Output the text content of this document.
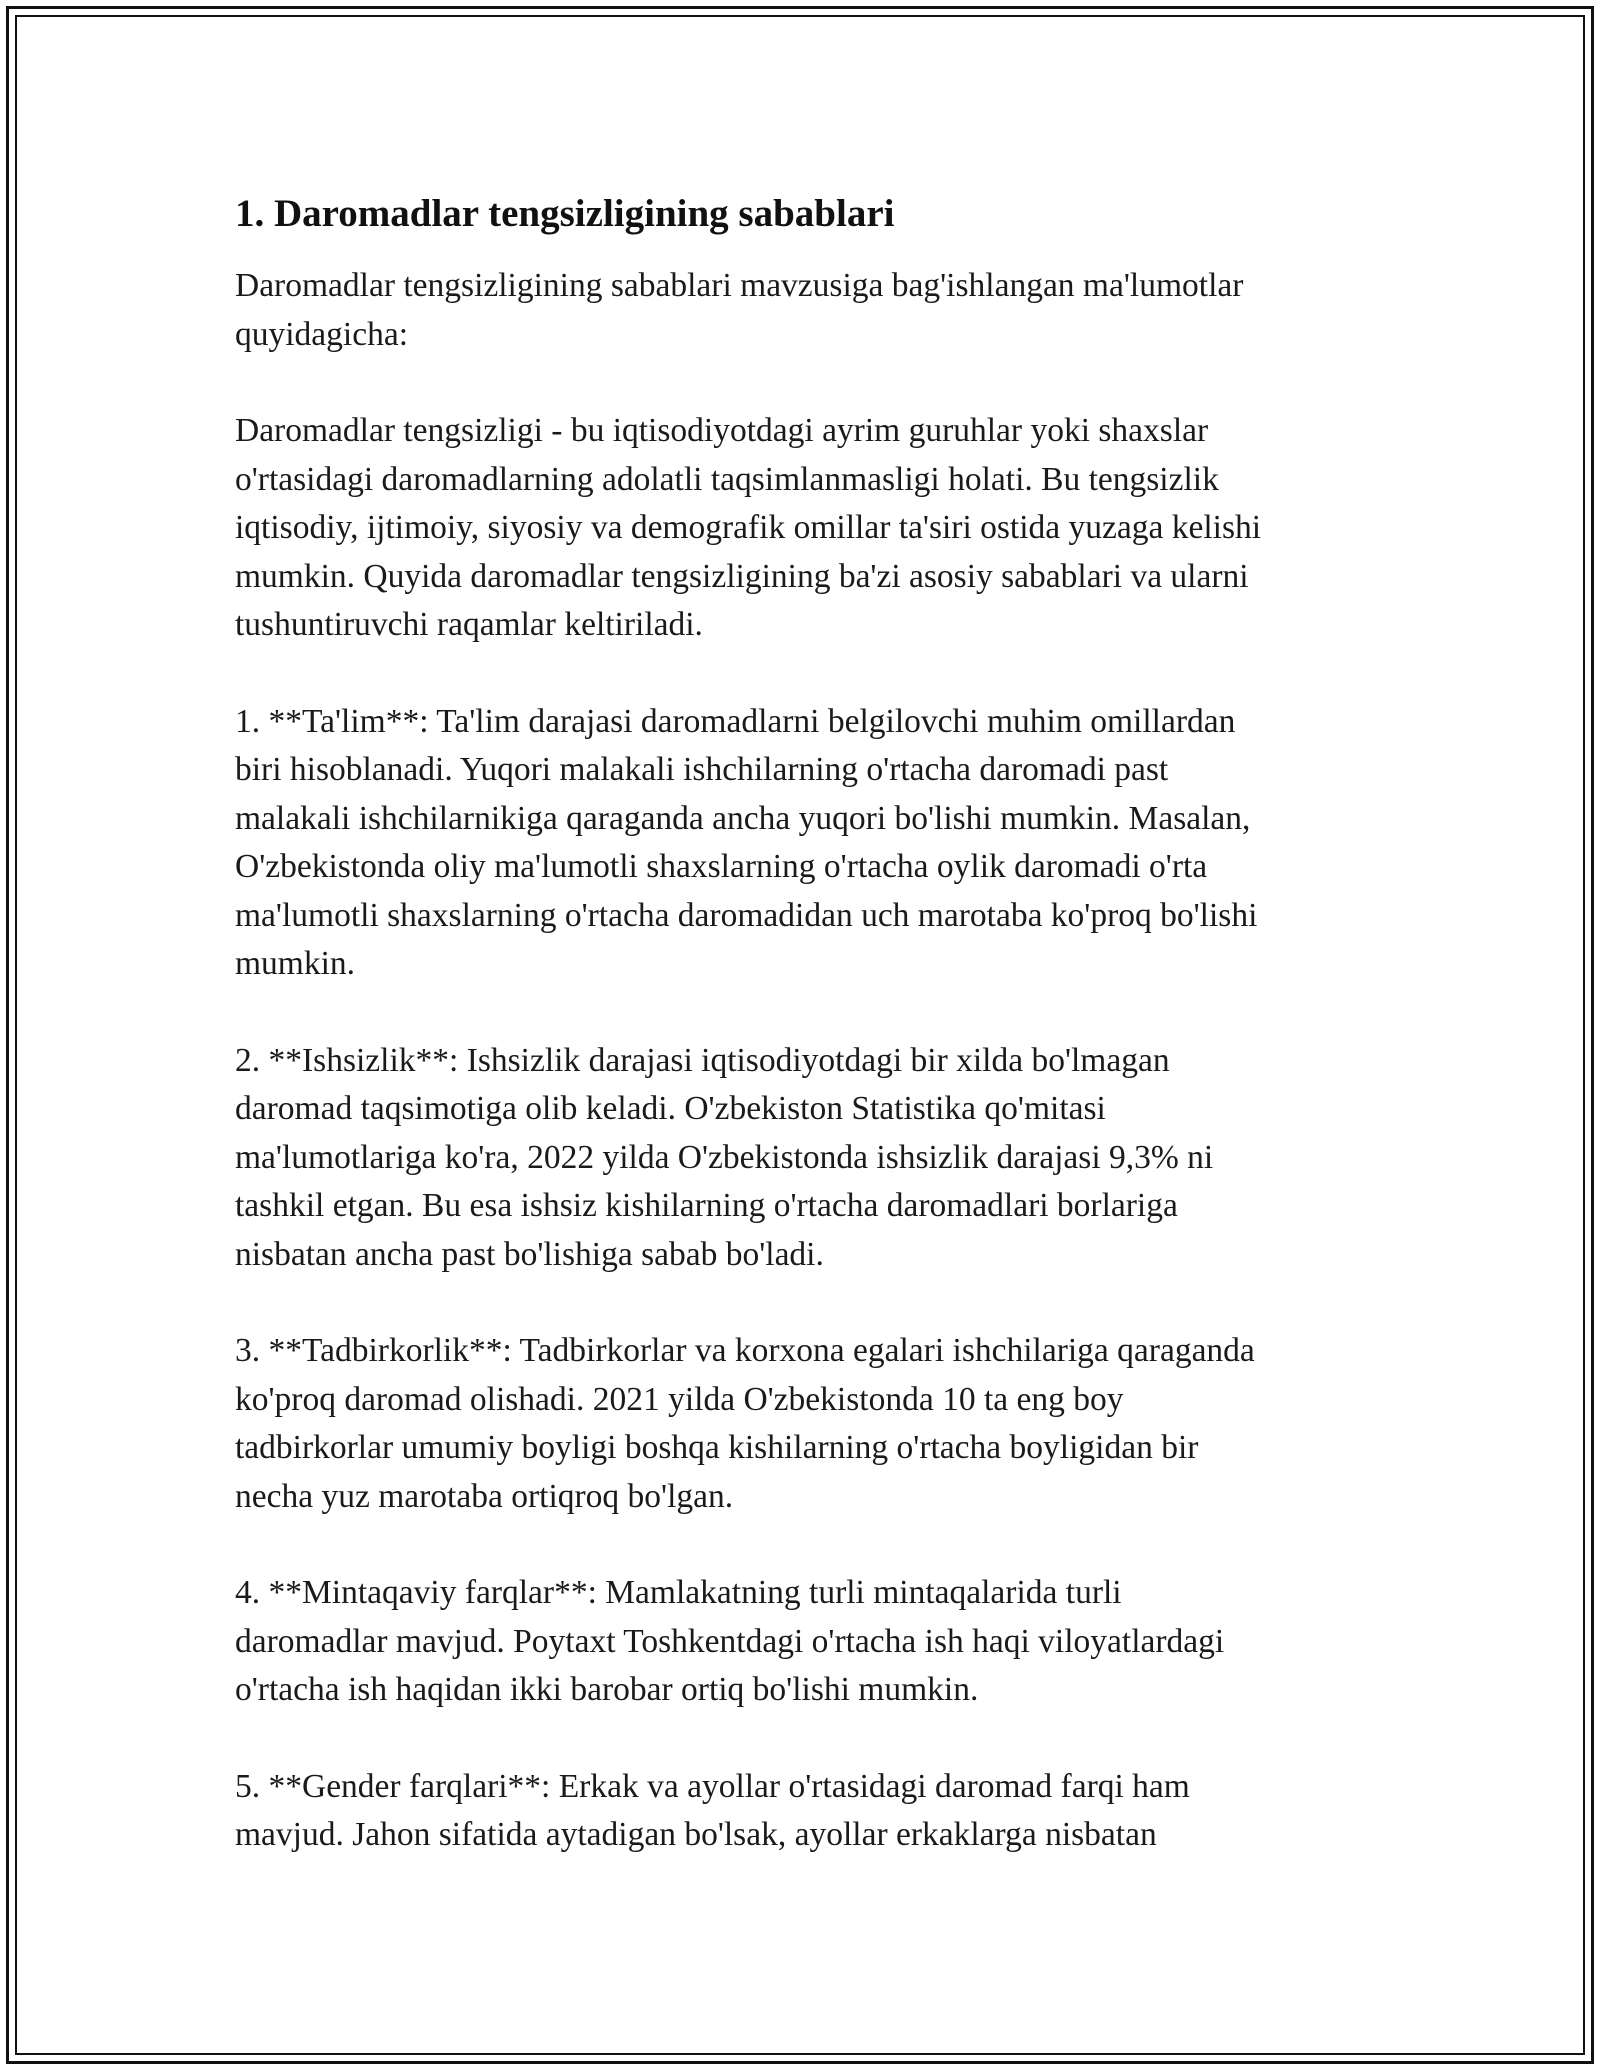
1. Daromadlar tengsizligining sabablari

Daromadlar tengsizligining sabablari mavzusiga bag'ishlangan ma'lumotlar
quyidagicha:

Daromadlar tengsizligi - bu iqtisodiyotdagi ayrim guruhlar yoki shaxslar
o'rtasidagi daromadlarning adolatli taqsimlanmasligi holati. Bu tengsizlik
iqtisodiy, ijtimoiy, siyosiy va demografik omillar ta'siri ostida yuzaga kelishi
mumkin. Quyida daromadlar tengsizligining ba'zi asosiy sabablari va ularni
tushuntiruvchi raqamlar keltiriladi.

1. **Ta'lim**: Ta'lim darajasi daromadlarni belgilovchi muhim omillardan
biri hisoblanadi. Yuqori malakali ishchilarning o'rtacha daromadi past
malakali ishchilarnikiga qaraganda ancha yuqori bo'lishi mumkin. Masalan,
O'zbekistonda oliy ma'lumotli shaxslarning o'rtacha oylik daromadi o'rta
ma'lumotli shaxslarning o'rtacha daromadidan uch marotaba ko'proq bo'lishi
mumkin.

2. **Ishsizlik**: Ishsizlik darajasi iqtisodiyotdagi bir xilda bo'lmagan
daromad taqsimotiga olib keladi. O'zbekiston Statistika qo'mitasi
ma'lumotlariga ko'ra, 2022 yilda O'zbekistonda ishsizlik darajasi 9,3% ni
tashkil etgan. Bu esa ishsiz kishilarning o'rtacha daromadlari borlariga
nisbatan ancha past bo'lishiga sabab bo'ladi.

3. **Tadbirkorlik**: Tadbirkorlar va korxona egalari ishchilariga qaraganda
ko'proq daromad olishadi. 2021 yilda O'zbekistonda 10 ta eng boy
tadbirkorlar umumiy boyligi boshqa kishilarning o'rtacha boyligidan bir
necha yuz marotaba ortiqroq bo'lgan.

4. **Mintaqaviy farqlar**: Mamlakatning turli mintaqalarida turli
daromadlar mavjud. Poytaxt Toshkentdagi o'rtacha ish haqi viloyatlardagi
o'rtacha ish haqidan ikki barobar ortiq bo'lishi mumkin.

5. **Gender farqlari**: Erkak va ayollar o'rtasidagi daromad farqi ham
mavjud. Jahon sifatida aytadigan bo'lsak, ayollar erkaklarga nisbatan
